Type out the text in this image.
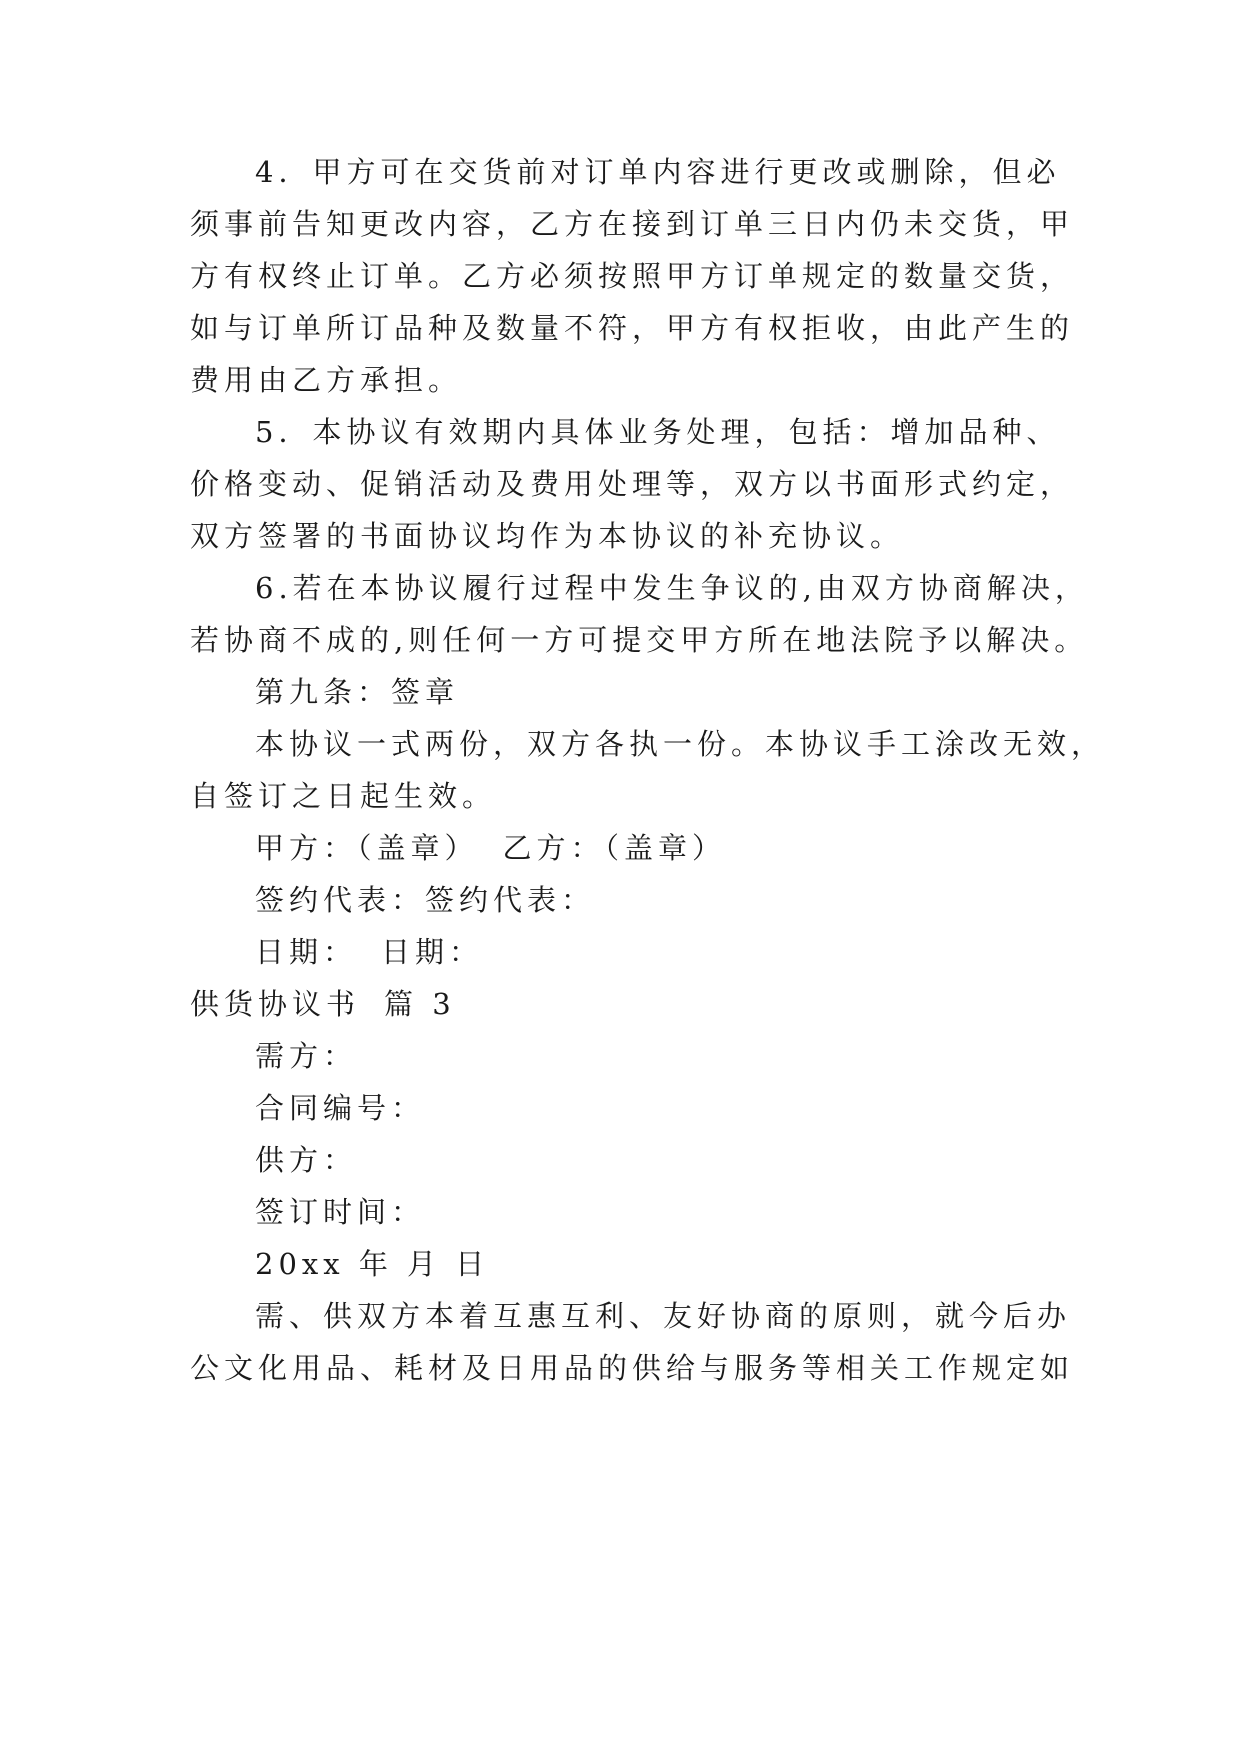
4．甲方可在交货前对订单内容进行更改或删除，但必
须事前告知更改内容，乙方在接到订单三日内仍未交货，甲
方有权终止订单。乙方必须按照甲方订单规定的数量交货，
如与订单所订品种及数量不符，甲方有权拒收，由此产生的
费用由乙方承担。
5．本协议有效期内具体业务处理，包括：增加品种、
价格变动、促销活动及费用处理等，双方以书面形式约定，
双方签署的书面协议均作为本协议的补充协议。
6.若在本协议履行过程中发生争议的,由双方协商解决，
若协商不成的,则任何一方可提交甲方所在地法院予以解决。
第九条：签章
本协议一式两份，双方各执一份。本协议手工涂改无效，
自签订之日起生效。
甲方：（盖章） 乙方：（盖章）
签约代表：签约代表：
日期： 日期：
供货协议书 篇 3
需方：
合同编号：
供方：
签订时间：
20xx 年 月 日
需、供双方本着互惠互利、友好协商的原则，就今后办
公文化用品、耗材及日用品的供给与服务等相关工作规定如
